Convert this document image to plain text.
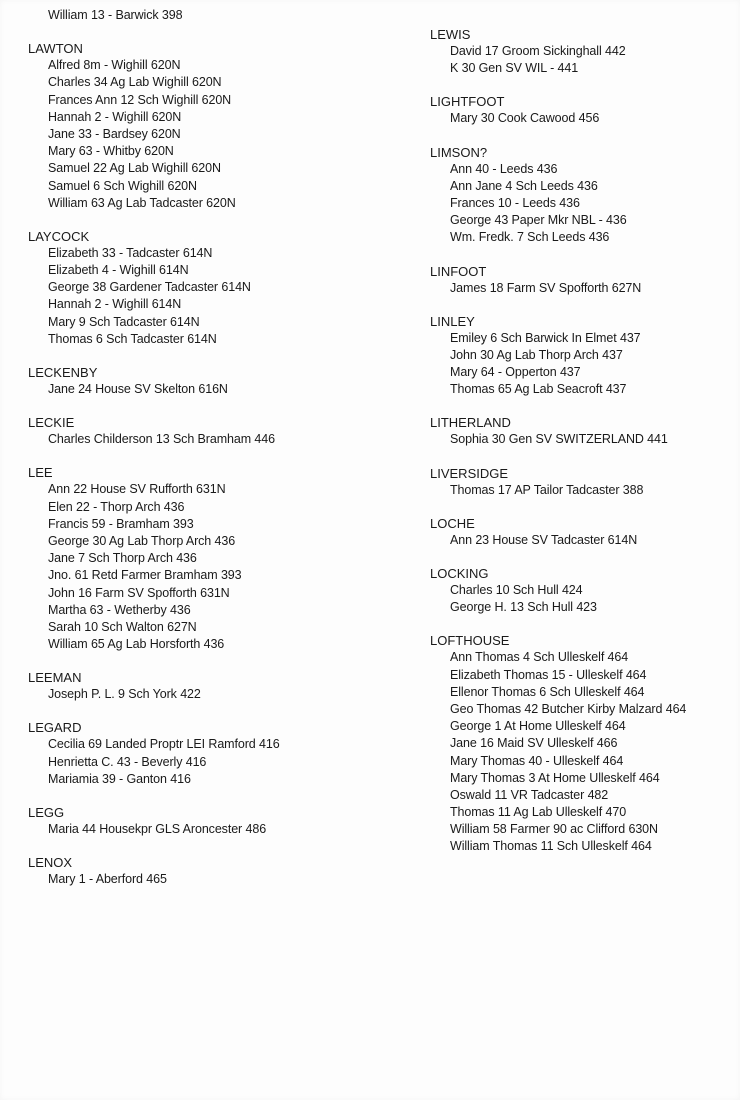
William 13 - Barwick 398
LAWTON
Alfred 8m - Wighill 620N
Charles 34 Ag Lab Wighill 620N
Frances Ann 12 Sch Wighill 620N
Hannah 2 - Wighill 620N
Jane 33 - Bardsey 620N
Mary 63 - Whitby 620N
Samuel 22 Ag Lab Wighill 620N
Samuel 6 Sch Wighill 620N
William 63 Ag Lab Tadcaster 620N
LAYCOCK
Elizabeth 33 - Tadcaster 614N
Elizabeth 4 - Wighill 614N
George 38 Gardener Tadcaster 614N
Hannah 2 - Wighill 614N
Mary 9 Sch Tadcaster 614N
Thomas 6 Sch Tadcaster 614N
LECKENBY
Jane 24 House SV Skelton 616N
LECKIE
Charles Childerson 13 Sch Bramham 446
LEE
Ann 22 House SV Rufforth 631N
Elen 22 - Thorp Arch 436
Francis 59 - Bramham 393
George 30 Ag Lab Thorp Arch 436
Jane 7 Sch Thorp Arch 436
Jno. 61 Retd Farmer Bramham 393
John 16 Farm SV Spofforth 631N
Martha 63 - Wetherby 436
Sarah 10 Sch Walton 627N
William 65 Ag Lab Horsforth 436
LEEMAN
Joseph P. L. 9 Sch York 422
LEGARD
Cecilia 69 Landed Proptr LEI Ramford 416
Henrietta C. 43 - Beverly 416
Mariamia 39 - Ganton 416
LEGG
Maria 44 Housekpr GLS Aroncester 486
LENOX
Mary 1 - Aberford 465
LEWIS
David 17 Groom Sickinghall 442
K 30 Gen SV WIL - 441
LIGHTFOOT
Mary 30 Cook Cawood 456
LIMSON?
Ann 40 - Leeds 436
Ann Jane 4 Sch Leeds 436
Frances 10 - Leeds 436
George 43 Paper Mkr NBL - 436
Wm. Fredk. 7 Sch Leeds 436
LINFOOT
James 18 Farm SV Spofforth 627N
LINLEY
Emiley 6 Sch Barwick In Elmet 437
John 30 Ag Lab Thorp Arch 437
Mary 64 - Opperton 437
Thomas 65 Ag Lab Seacroft 437
LITHERLAND
Sophia 30 Gen SV SWITZERLAND 441
LIVERSIDGE
Thomas 17 AP Tailor Tadcaster 388
LOCHE
Ann 23 House SV Tadcaster 614N
LOCKING
Charles 10 Sch Hull 424
George H. 13 Sch Hull 423
LOFTHOUSE
Ann Thomas 4 Sch Ulleskelf 464
Elizabeth Thomas 15 - Ulleskelf 464
Ellenor Thomas 6 Sch Ulleskelf 464
Geo Thomas 42 Butcher Kirby Malzard 464
George 1 At Home Ulleskelf 464
Jane 16 Maid SV Ulleskelf 466
Mary Thomas 40 - Ulleskelf 464
Mary Thomas 3 At Home Ulleskelf 464
Oswald 11 VR Tadcaster 482
Thomas 11 Ag Lab Ulleskelf 470
William 58 Farmer 90 ac Clifford 630N
William Thomas 11 Sch Ulleskelf 464
